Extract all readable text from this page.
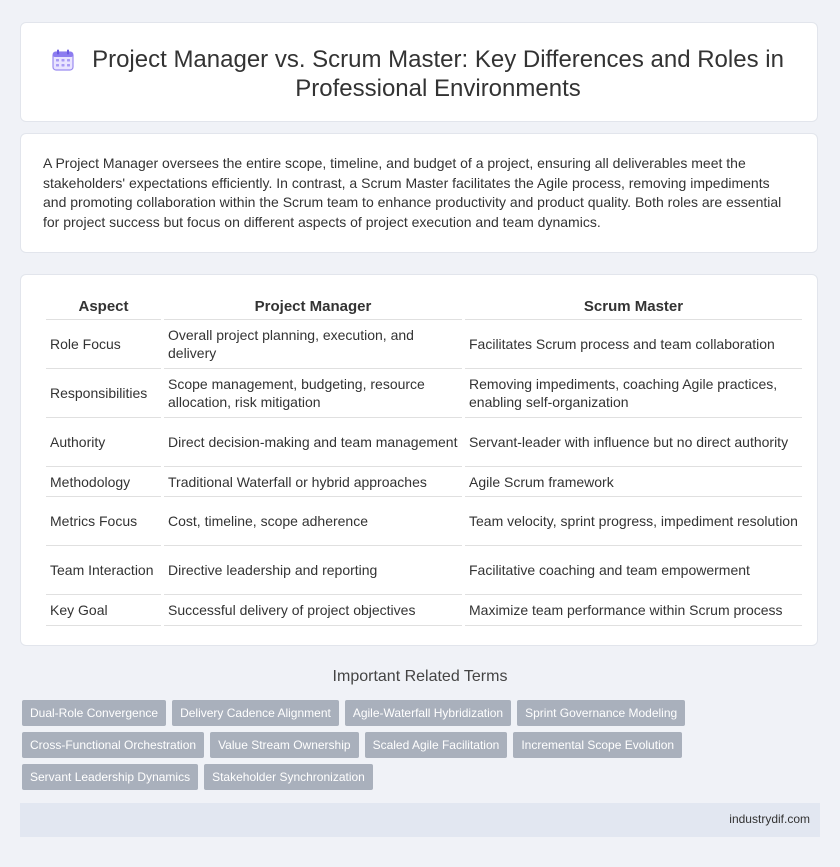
Project Manager vs. Scrum Master: Key Differences and Roles in Professional Environments

A Project Manager oversees the entire scope, timeline, and budget of a project, ensuring all deliverables meet the stakeholders' expectations efficiently. In contrast, a Scrum Master facilitates the Agile process, removing impediments and promoting collaboration within the Scrum team to enhance productivity and product quality. Both roles are essential for project success but focus on different aspects of project execution and team dynamics.

Aspect	Project Manager	Scrum Master
Role Focus	Overall project planning, execution, and delivery	Facilitates Scrum process and team collaboration
Responsibilities	Scope management, budgeting, resource allocation, risk mitigation	Removing impediments, coaching Agile practices, enabling self-organization
Authority	Direct decision-making and team management	Servant-leader with influence but no direct authority
Methodology	Traditional Waterfall or hybrid approaches	Agile Scrum framework
Metrics Focus	Cost, timeline, scope adherence	Team velocity, sprint progress, impediment resolution
Team Interaction	Directive leadership and reporting	Facilitative coaching and team empowerment
Key Goal	Successful delivery of project objectives	Maximize team performance within Scrum process
Important Related Terms
Dual-Role Convergence	Delivery Cadence Alignment	Agile-Waterfall Hybridization	Sprint Governance Modeling
Cross-Functional Orchestration	Value Stream Ownership	Scaled Agile Facilitation	Incremental Scope Evolution
Servant Leadership Dynamics	Stakeholder Synchronization
industrydif.com
